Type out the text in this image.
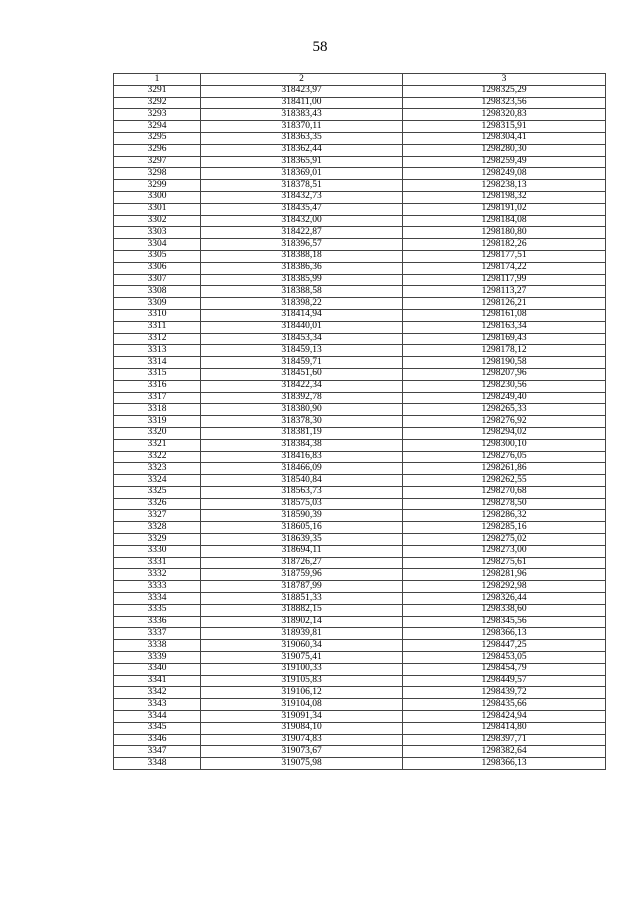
58
1	2	3
3291	318423,97	1298325,29
3292	318411,00	1298323,56
3293	318383,43	1298320,83
3294	318370,11	1298315,91
3295	318363,35	1298304,41
3296	318362,44	1298280,30
3297	318365,91	1298259,49
3298	318369,01	1298249,08
3299	318378,51	1298238,13
3300	318432,73	1298198,32
3301	318435,47	1298191,02
3302	318432,00	1298184,08
3303	318422,87	1298180,80
3304	318396,57	1298182,26
3305	318388,18	1298177,51
3306	318386,36	1298174,22
3307	318385,99	1298117,99
3308	318388,58	1298113,27
3309	318398,22	1298126,21
3310	318414,94	1298161,08
3311	318440,01	1298163,34
3312	318453,34	1298169,43
3313	318459,13	1298178,12
3314	318459,71	1298190,58
3315	318451,60	1298207,96
3316	318422,34	1298230,56
3317	318392,78	1298249,40
3318	318380,90	1298265,33
3319	318378,30	1298276,92
3320	318381,19	1298294,02
3321	318384,38	1298300,10
3322	318416,83	1298276,05
3323	318466,09	1298261,86
3324	318540,84	1298262,55
3325	318563,73	1298270,68
3326	318575,03	1298278,50
3327	318590,39	1298286,32
3328	318605,16	1298285,16
3329	318639,35	1298275,02
3330	318694,11	1298273,00
3331	318726,27	1298275,61
3332	318759,96	1298281,96
3333	318787,99	1298292,98
3334	318851,33	1298326,44
3335	318882,15	1298338,60
3336	318902,14	1298345,56
3337	318939,81	1298366,13
3338	319060,34	1298447,25
3339	319075,41	1298453,05
3340	319100,33	1298454,79
3341	319105,83	1298449,57
3342	319106,12	1298439,72
3343	319104,08	1298435,66
3344	319091,34	1298424,94
3345	319084,10	1298414,80
3346	319074,83	1298397,71
3347	319073,67	1298382,64
3348	319075,98	1298366,13
